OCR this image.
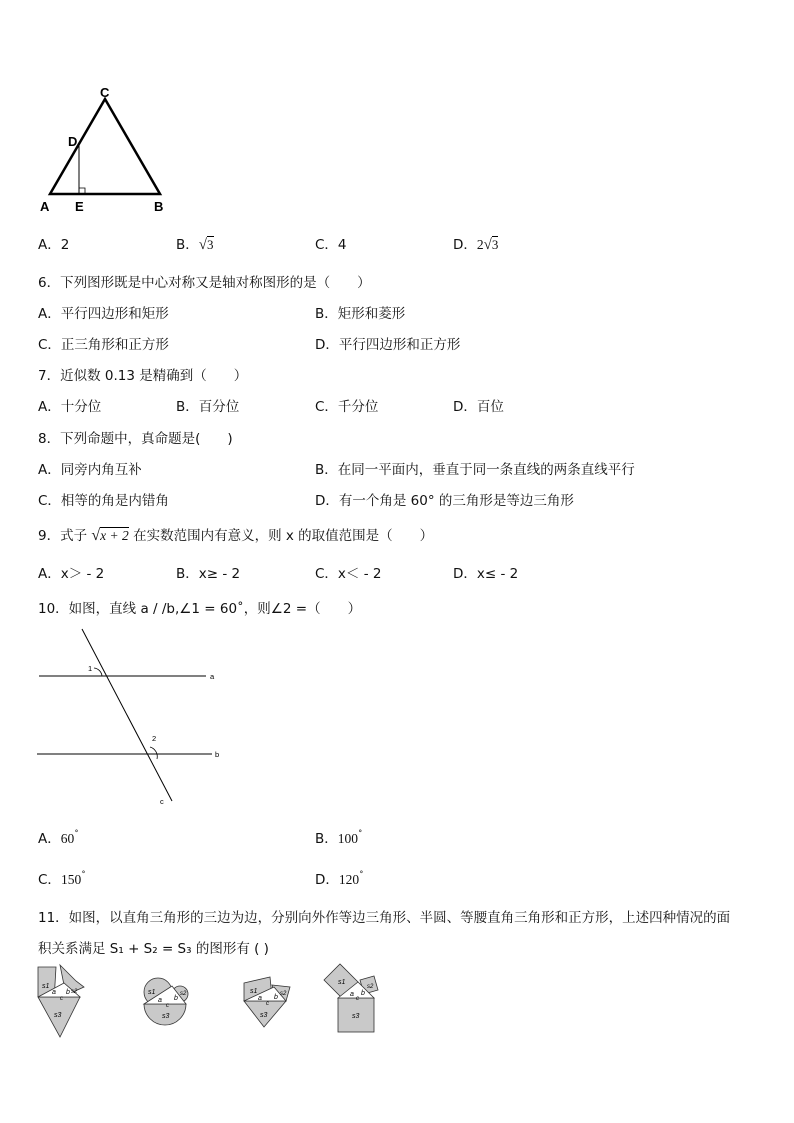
C
D
A E	B
A．2	B．√3	C．4	D．2√3
6．下列图形既是中心对称又是轴对称图形的是（　　）
A．平行四边形和矩形	B．矩形和菱形
C．正三角形和正方形	D．平行四边形和正方形
7．近似数 0.13 是精确到（　　）
A．十分位	B．百分位	C．千分位	D．百位
8．下列命题中，真命题是(　　)
A．同旁内角互补	B．在同一平面内，垂直于同一条直线的两条直线平行
C．相等的角是内错角	D．有一个角是 60° 的三角形是等边三角形
9．式子 √x + 2 在实数范围内有意义，则 x 的取值范围是（　　）
A．x＞ - 2	B．x≥ - 2	C．x＜ - 2	D．x≤ - 2
10．如图，直线 a / /b,∠1 = 60˚，则∠2 =（　　）
1
2
a
b
c
A．60˚	B．100˚
C．150˚	D．120˚
11．如图，以直角三角形的三边为边，分别向外作等边三角形、半圆、等腰直角三角形和正方形，上述四种情况的面
积关系满足 S₁ + S₂ = S₃ 的图形有 ( )
s1
s2
s3
a b
c
s1	s2
s3
a b
c
s1	s2
s3
a b
c
s1
s2
s3
a b
c
